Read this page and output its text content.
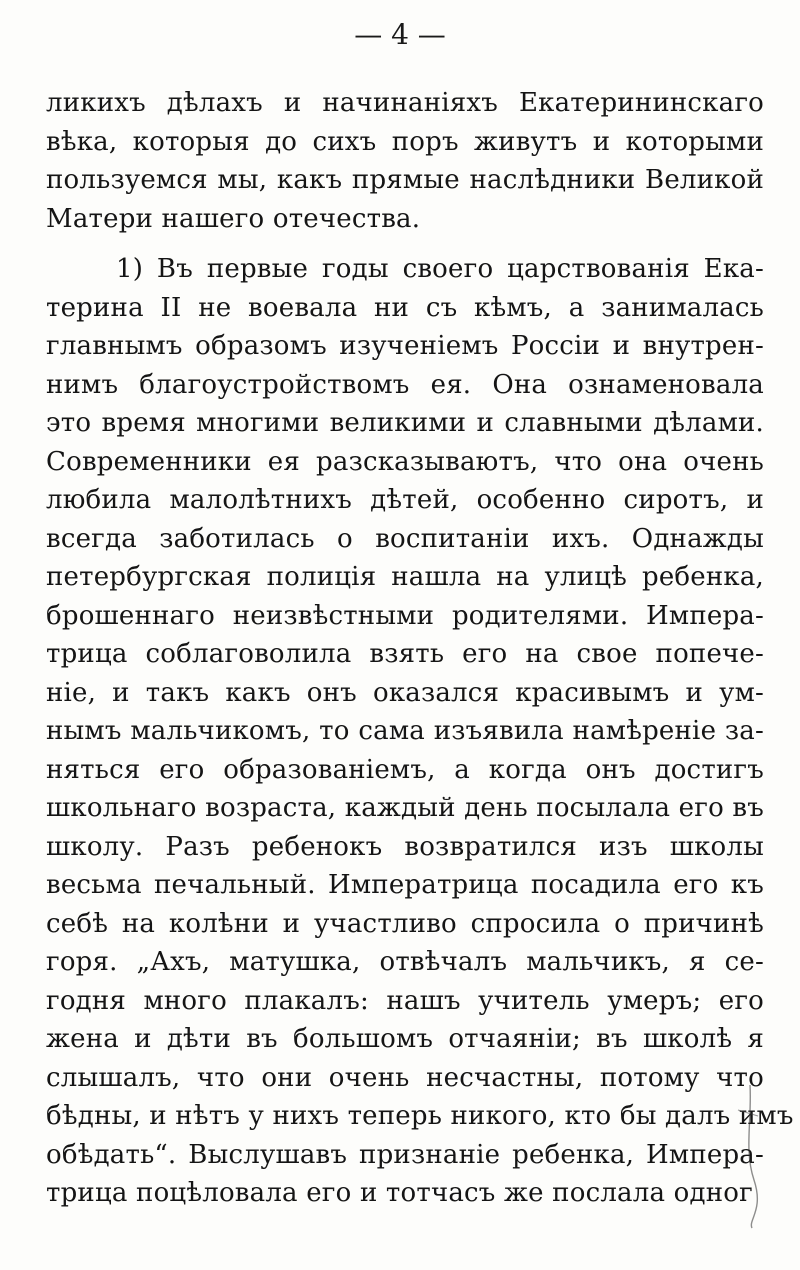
— 4 —
ликихъ дѣлахъ и начинаніяхъ Екатерининскаго
вѣка, которыя до сихъ поръ живутъ и которыми
пользуемся мы, какъ прямые наслѣдники Великой
Матери нашего отечества.
1) Въ первые годы своего царствованія Ека-
терина II не воевала ни съ кѣмъ, а занималась
главнымъ образомъ изученіемъ Россіи и внутрен-
нимъ благоустройствомъ ея. Она ознаменовала
это время многими великими и славными дѣлами.
Современники ея разсказываютъ, что она очень
любила малолѣтнихъ дѣтей, особенно сиротъ, и
всегда заботилась о воспитаніи ихъ. Однажды
петербургская полиція нашла на улицѣ ребенка,
брошеннаго неизвѣстными родителями. Импера-
трица соблаговолила взять его на свое попече-
ніе, и такъ какъ онъ оказался красивымъ и ум-
нымъ мальчикомъ, то сама изъявила намѣреніе за-
няться его образованіемъ, а когда онъ достигъ
школьнаго возраста, каждый день посылала его въ
школу. Разъ ребенокъ возвратился изъ школы
весьма печальный. Императрица посадила его къ
себѣ на колѣни и участливо спросила о причинѣ
горя. „Ахъ, матушка, отвѣчалъ мальчикъ, я се-
годня много плакалъ: нашъ учитель умеръ; его
жена и дѣти въ большомъ отчаяніи; въ школѣ я
слышалъ, что они очень несчастны, потому что
бѣдны, и нѣтъ у нихъ теперь никого, кто бы далъ имъ
обѣдать“. Выслушавъ признаніе ребенка, Импера-
трица поцѣловала его и тотчасъ же послала одног
